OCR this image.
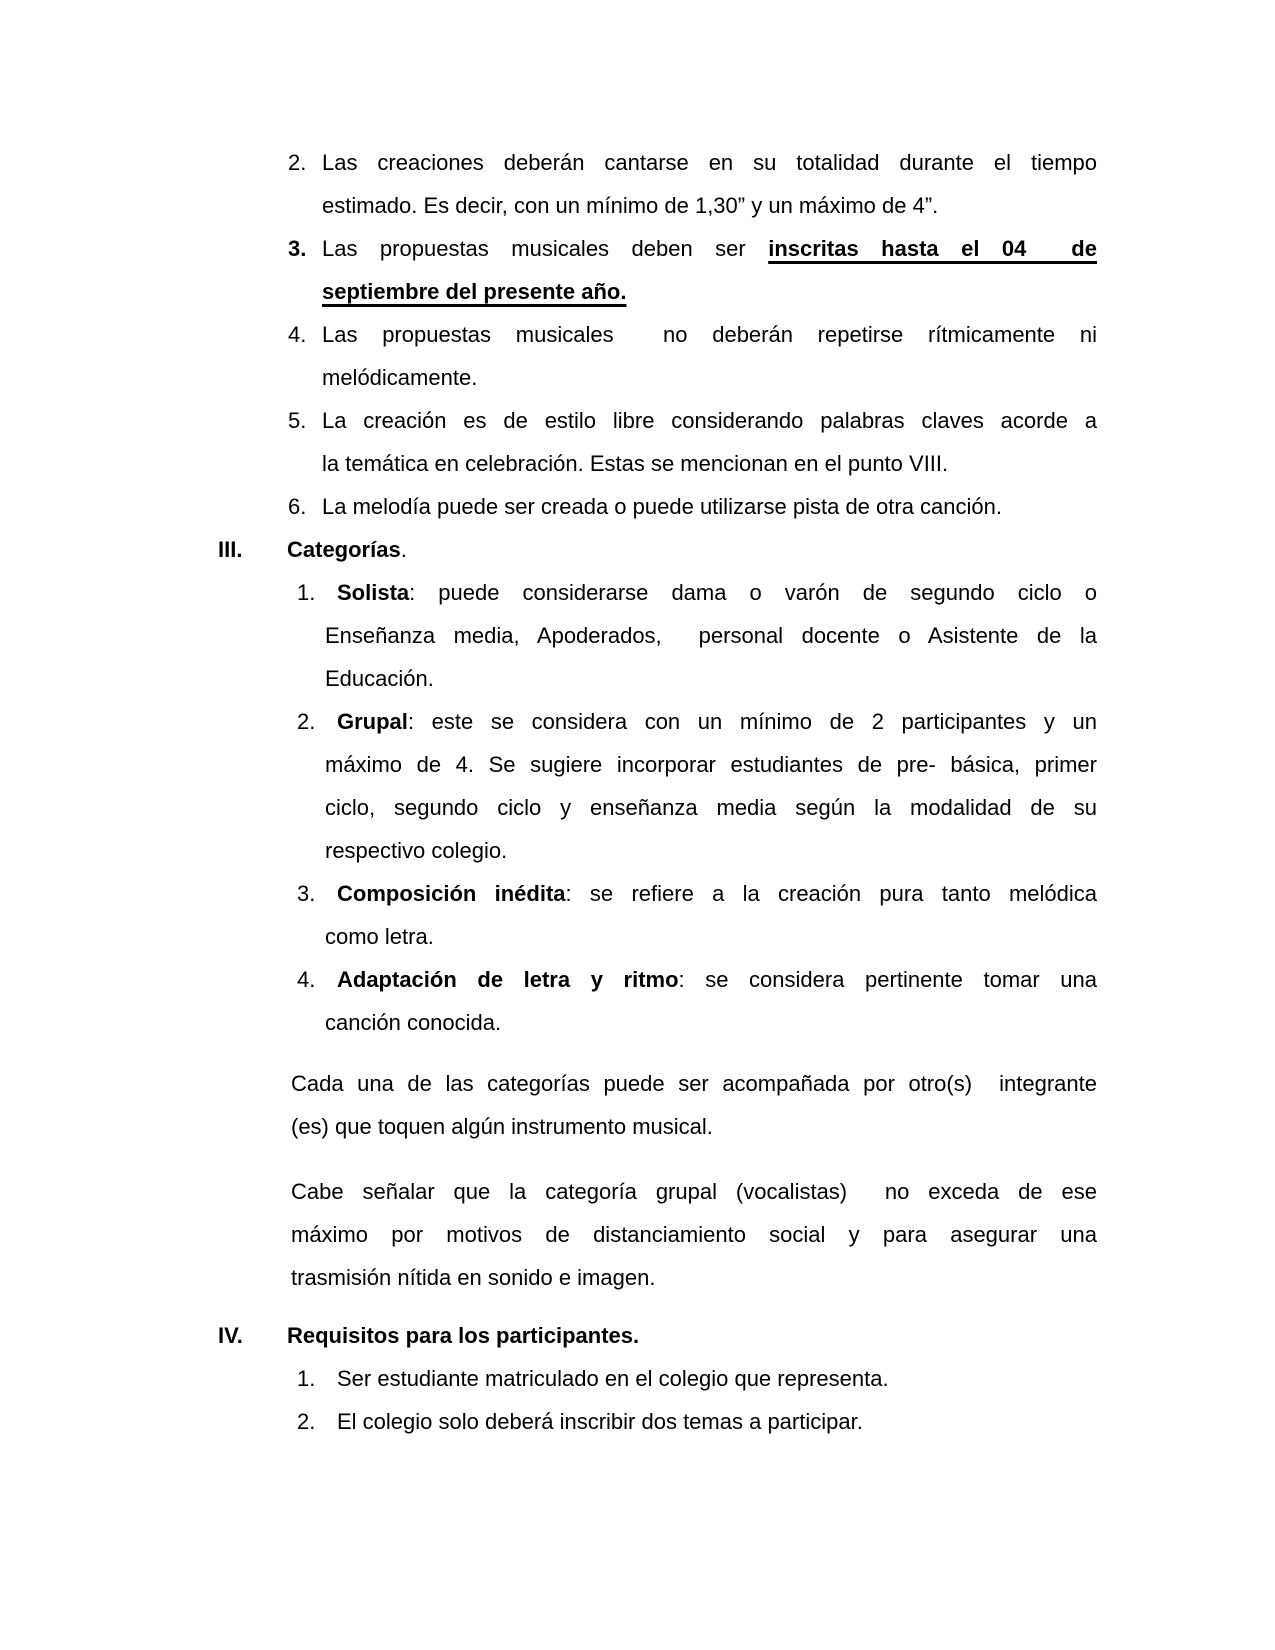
2. Las creaciones deberán cantarse en su totalidad durante el tiempo
estimado. Es decir, con un mínimo de 1,30” y un máximo de 4”.
3. Las propuestas musicales deben ser inscritas hasta el 04  de
septiembre del presente año.
4. Las propuestas musicales  no deberán repetirse rítmicamente ni
melódicamente.
5. La creación es de estilo libre considerando palabras claves acorde a
la temática en celebración. Estas se mencionan en el punto VIII.
6. La melodía puede ser creada o puede utilizarse pista de otra canción.
III. Categorías.
1. Solista: puede considerarse dama o varón de segundo ciclo o
Enseñanza media, Apoderados,  personal docente o Asistente de la
Educación.
2. Grupal: este se considera con un mínimo de 2 participantes y un
máximo de 4. Se sugiere incorporar estudiantes de pre- básica, primer
ciclo, segundo ciclo y enseñanza media según la modalidad de su
respectivo colegio.
3. Composición inédita: se refiere a la creación pura tanto melódica
como letra.
4. Adaptación de letra y ritmo: se considera pertinente tomar una
canción conocida.
Cada una de las categorías puede ser acompañada por otro(s)  integrante
(es) que toquen algún instrumento musical.
Cabe señalar que la categoría grupal (vocalistas)  no exceda de ese
máximo por motivos de distanciamiento social y para asegurar una
trasmisión nítida en sonido e imagen.
IV. Requisitos para los participantes.
1. Ser estudiante matriculado en el colegio que representa.
2. El colegio solo deberá inscribir dos temas a participar.
